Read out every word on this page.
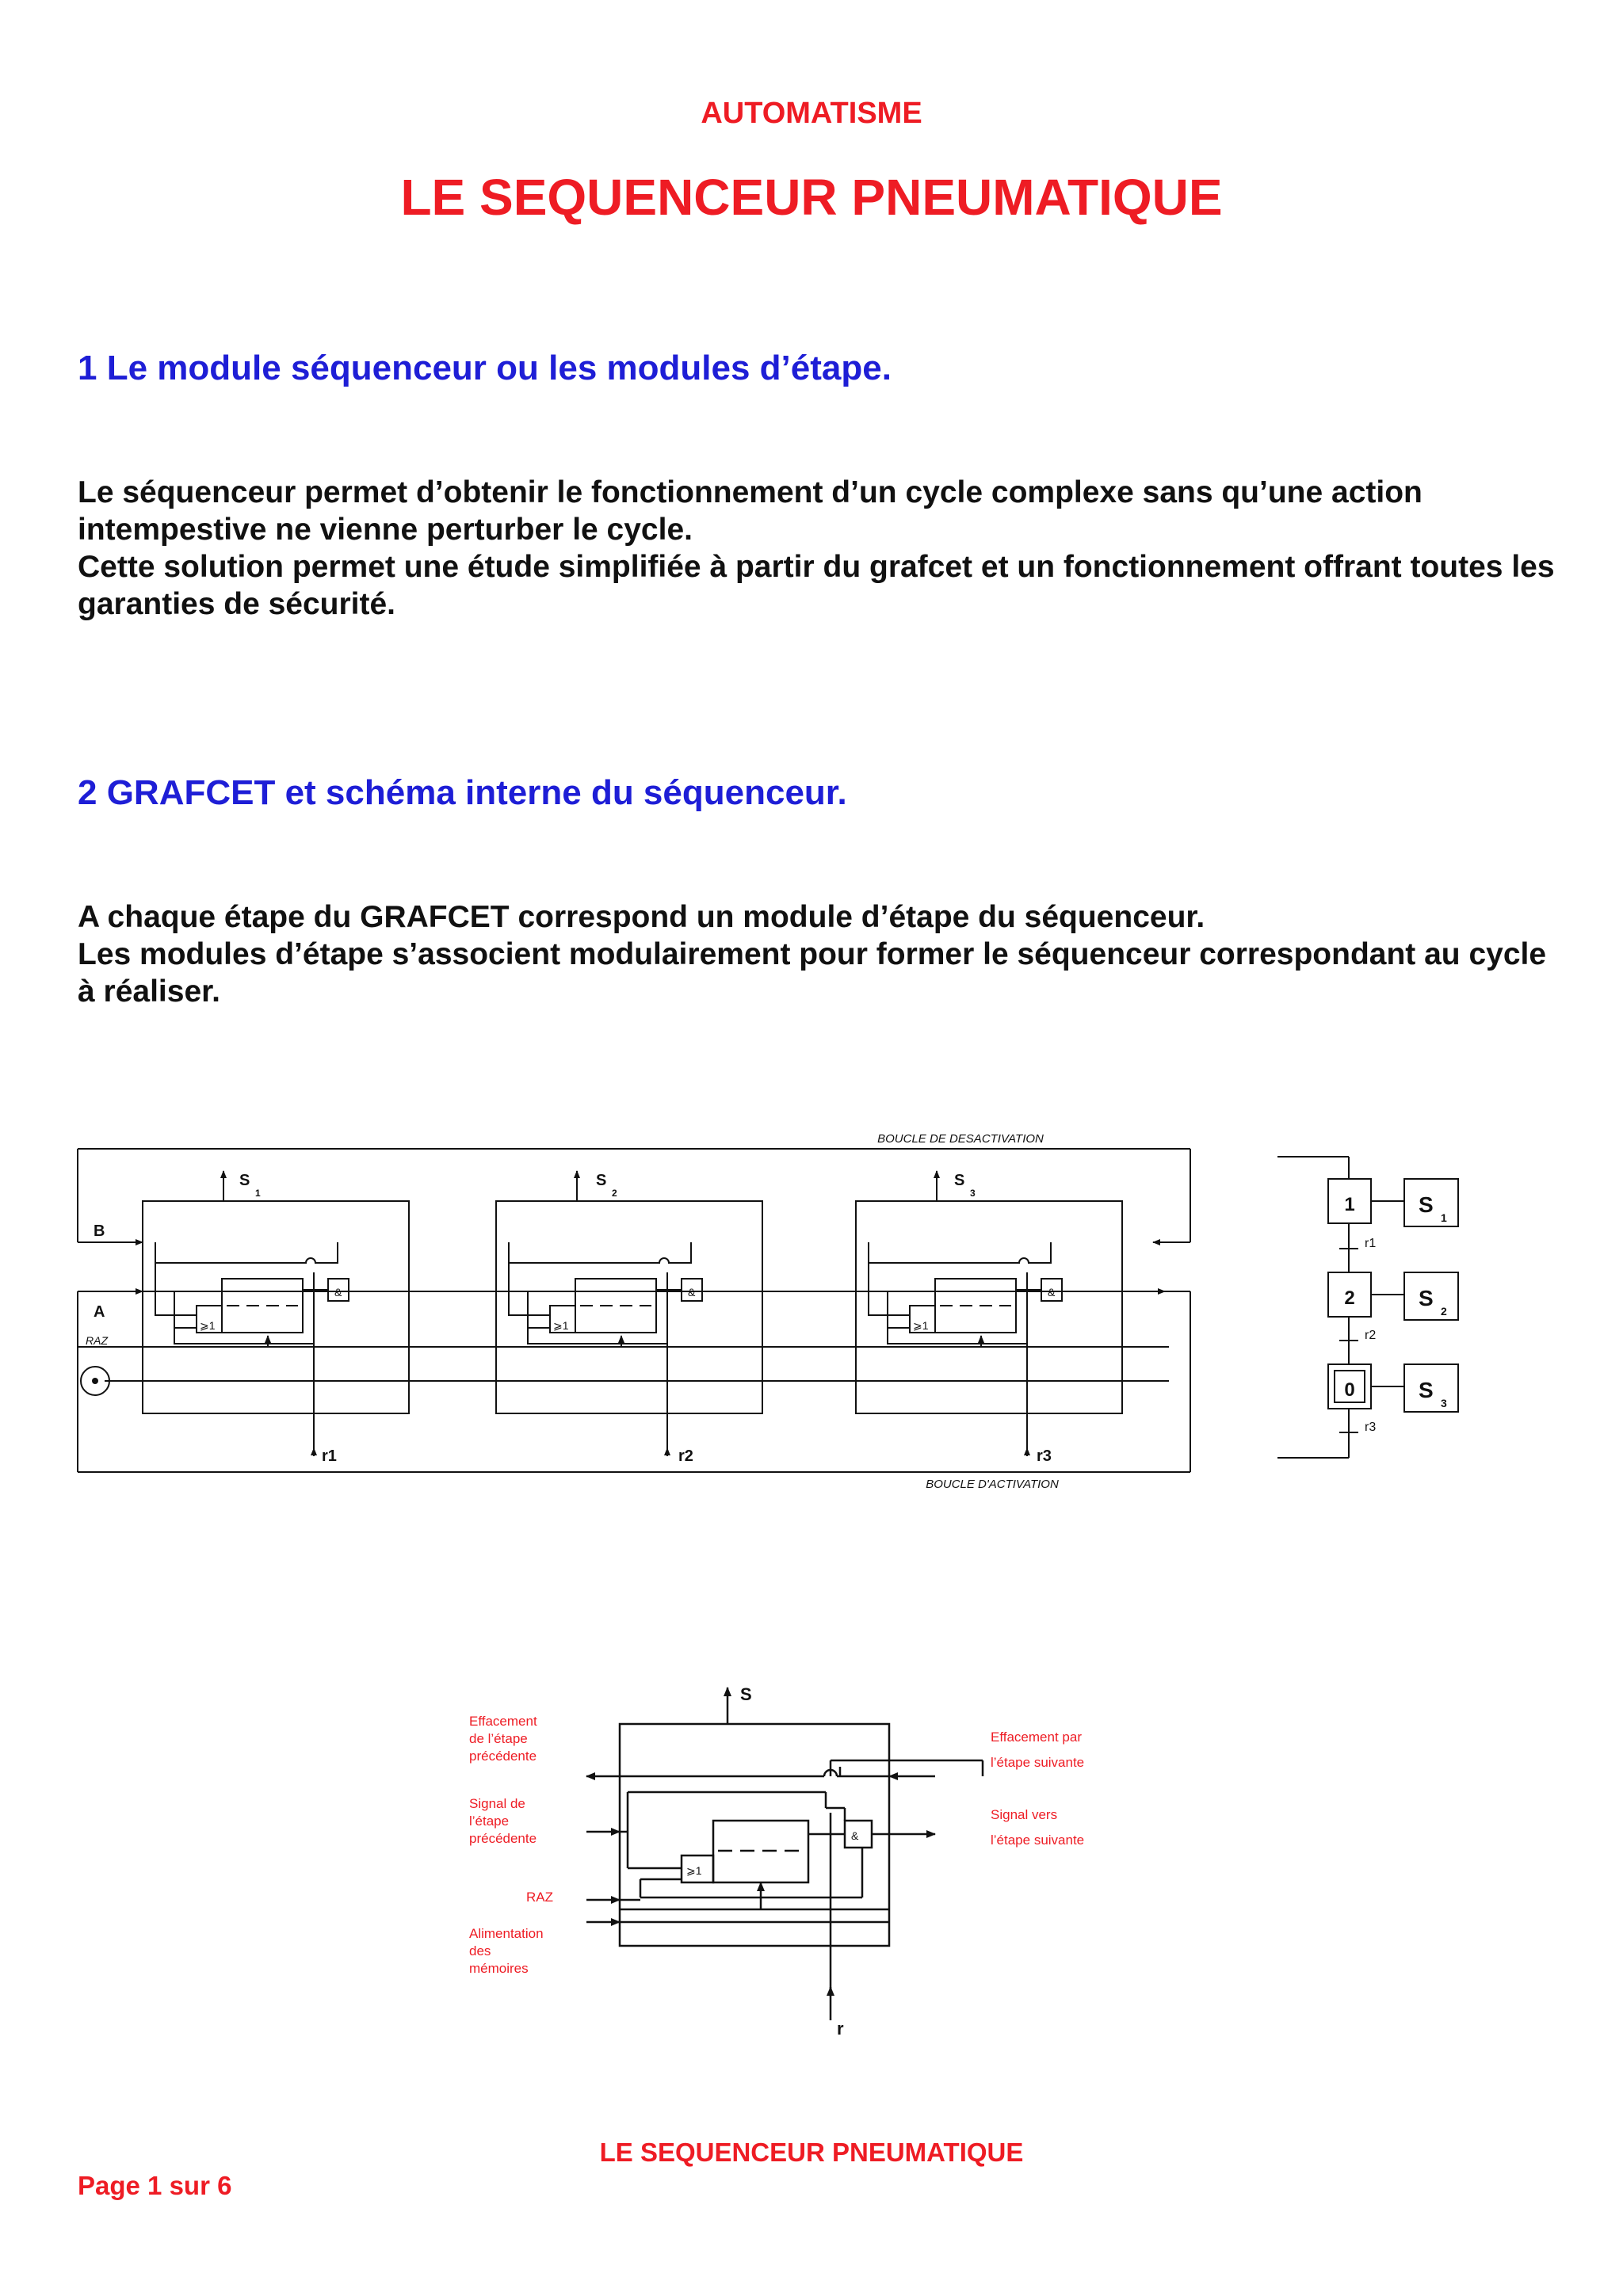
AUTOMATISME
LE SEQUENCEUR PNEUMATIQUE
1 Le module séquenceur ou les modules d’étape.

Le séquenceur permet d’obtenir le fonctionnement d’un cycle complexe sans qu’une action intempestive ne vienne perturber le cycle.

Cette solution permet une étude simplifiée à partir du grafcet et un fonctionnement offrant toutes les garanties de sécurité.

2 GRAFCET et schéma interne du séquenceur.

A chaque étape du GRAFCET correspond un module d’étape du séquenceur.

Les modules d’étape s’associent modulairement pour former le séquenceur correspondant au cycle à réaliser.

BOUCLE DE DESACTIVATION
BOUCLE D'ACTIVATION
B
A
RAZ
S
1
r1
S
2
r2
S
3
r3
&
⩾1
&
⩾1
&
⩾1
1	S
1
2	S
2
0	S
3
r1
r2
r3
S
r
&
⩾1
Effacement
de l’étape
précédente
Signal de
l’étape
précédente
RAZ
Alimentation
des
mémoires
Effacement par
l’étape suivante
Signal vers
l’étape suivante
LE SEQUENCEUR PNEUMATIQUE
Page 1 sur 6
